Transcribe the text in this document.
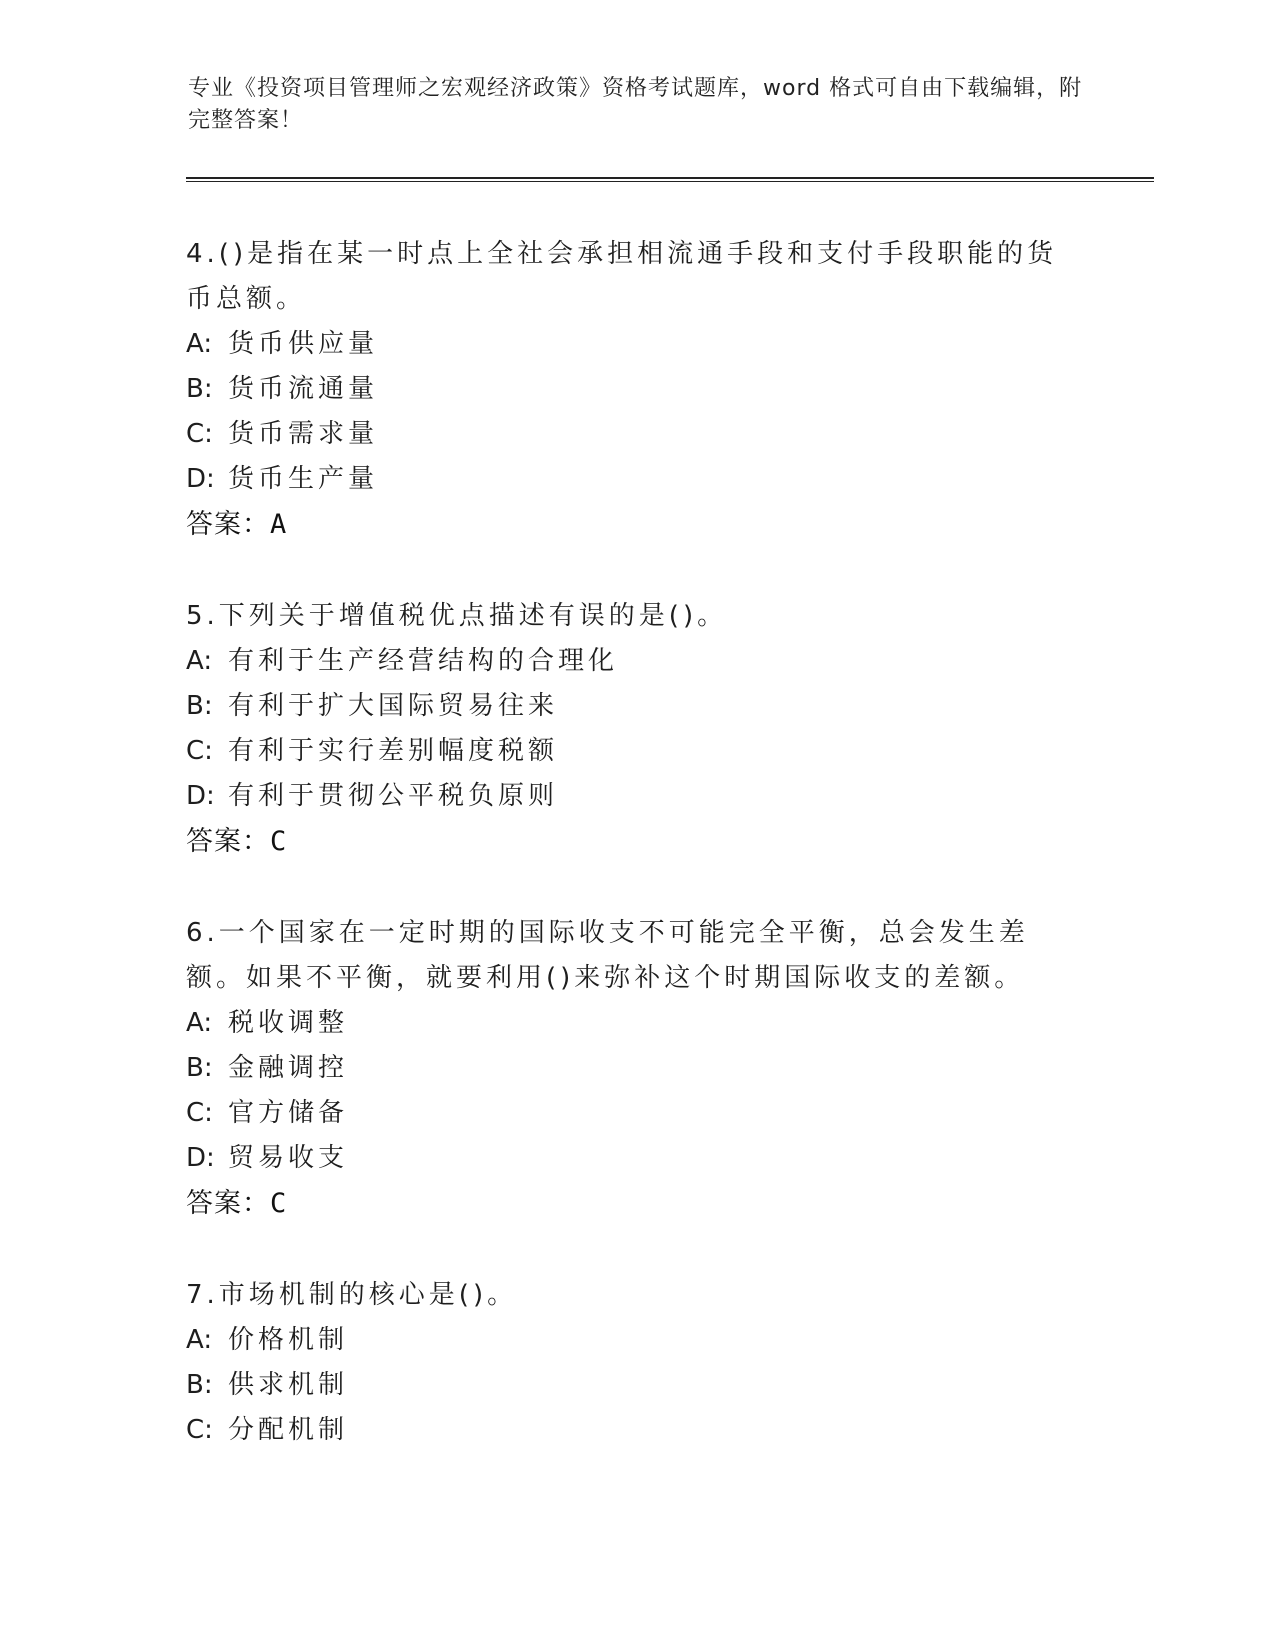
专业《投资项目管理师之宏观经济政策》资格考试题库，word 格式可自由下载编辑，附完整答案！

4.()是指在某一时点上全社会承担相流通手段和支付手段职能的货币总额。

A: 货币供应量

B: 货币流通量

C: 货币需求量

D: 货币生产量

答案：A

5.下列关于增值税优点描述有误的是()。

A: 有利于生产经营结构的合理化

B: 有利于扩大国际贸易往来

C: 有利于实行差别幅度税额

D: 有利于贯彻公平税负原则

答案：C

6.一个国家在一定时期的国际收支不可能完全平衡，总会发生差额。如果不平衡，就要利用()来弥补这个时期国际收支的差额。

A: 税收调整

B: 金融调控

C: 官方储备

D: 贸易收支

答案：C

7.市场机制的核心是()。

A: 价格机制

B: 供求机制

C: 分配机制
